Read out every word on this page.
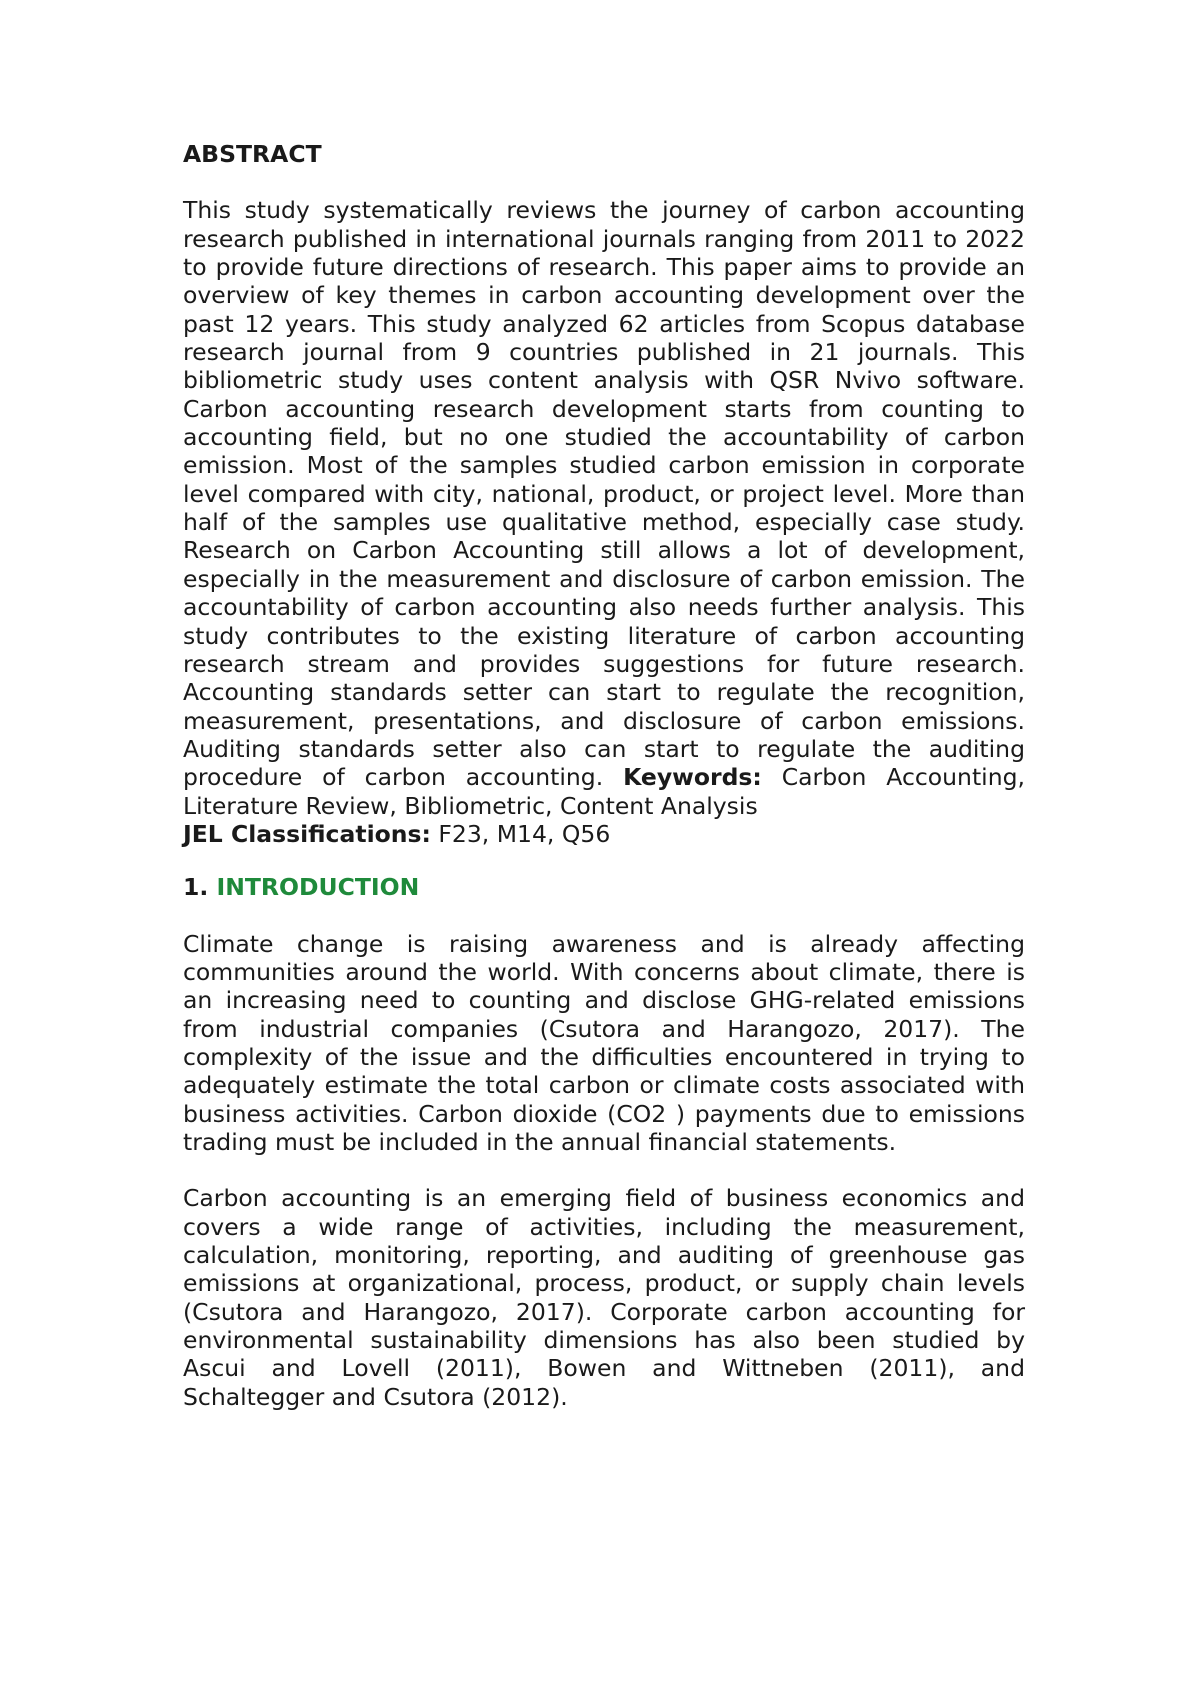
ABSTRACT

This study systematically reviews the journey of carbon accounting research published in international journals ranging from 2011 to 2022 to provide future directions of research. This paper aims to provide an overview of key themes in carbon accounting development over the past 12 years. This study analyzed 62 articles from Scopus database research journal from 9 countries published in 21 journals. This bibliometric study uses content analysis with QSR Nvivo software. Carbon accounting research development starts from counting to accounting field, but no one studied the accountability of carbon emission. Most of the samples studied carbon emission in corporate level compared with city, national, product, or project level. More than half of the samples use qualitative method, especially case study. Research on Carbon Accounting still allows a lot of development, especially in the measurement and disclosure of carbon emission. The accountability of carbon accounting also needs further analysis. This study contributes to the existing literature of carbon accounting research stream and provides suggestions for future research. Accounting standards setter can start to regulate the recognition, measurement, presentations, and disclosure of carbon emissions. Auditing standards setter also can start to regulate the auditing procedure of carbon accounting. Keywords: Carbon Accounting, Literature Review, Bibliometric, Content Analysis

JEL Classifications: F23, M14, Q56

1. INTRODUCTION

Climate change is raising awareness and is already affecting communities around the world. With concerns about climate, there is an increasing need to counting and disclose GHG-related emissions from industrial companies (Csutora and Harangozo, 2017). The complexity of the issue and the difficulties encountered in trying to adequately estimate the total carbon or climate costs associated with business activities. Carbon dioxide (CO2 ) payments due to emissions trading must be included in the annual financial statements.

Carbon accounting is an emerging field of business economics and covers a wide range of activities, including the measurement, calculation, monitoring, reporting, and auditing of greenhouse gas emissions at organizational, process, product, or supply chain levels (Csutora and Harangozo, 2017). Corporate carbon accounting for environmental sustainability dimensions has also been studied by Ascui and Lovell (2011), Bowen and Wittneben (2011), and Schaltegger and Csutora (2012).
